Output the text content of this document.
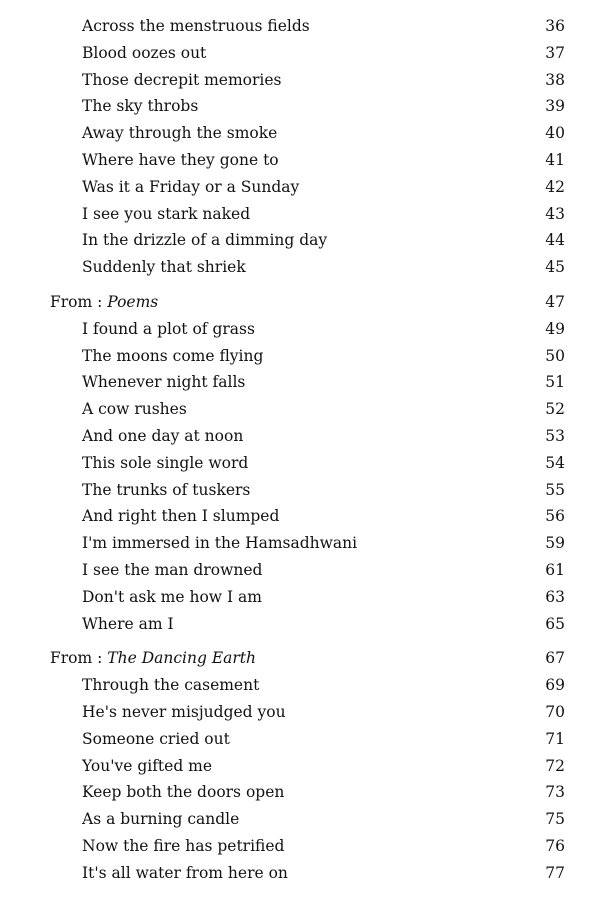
Across the menstruous fields	36
Blood oozes out	37
Those decrepit memories	38
The sky throbs	39
Away through the smoke	40
Where have they gone to	41
Was it a Friday or a Sunday	42
I see you stark naked	43
In the drizzle of a dimming day	44
Suddenly that shriek	45
From : Poems	47
I found a plot of grass	49
The moons come flying	50
Whenever night falls	51
A cow rushes	52
And one day at noon	53
This sole single word	54
The trunks of tuskers	55
And right then I slumped	56
I'm immersed in the Hamsadhwani	59
I see the man drowned	61
Don't ask me how I am	63
Where am I	65
From : The Dancing Earth	67
Through the casement	69
He's never misjudged you	70
Someone cried out	71
You've gifted me	72
Keep both the doors open	73
As a burning candle	75
Now the fire has petrified	76
It's all water from here on	77
